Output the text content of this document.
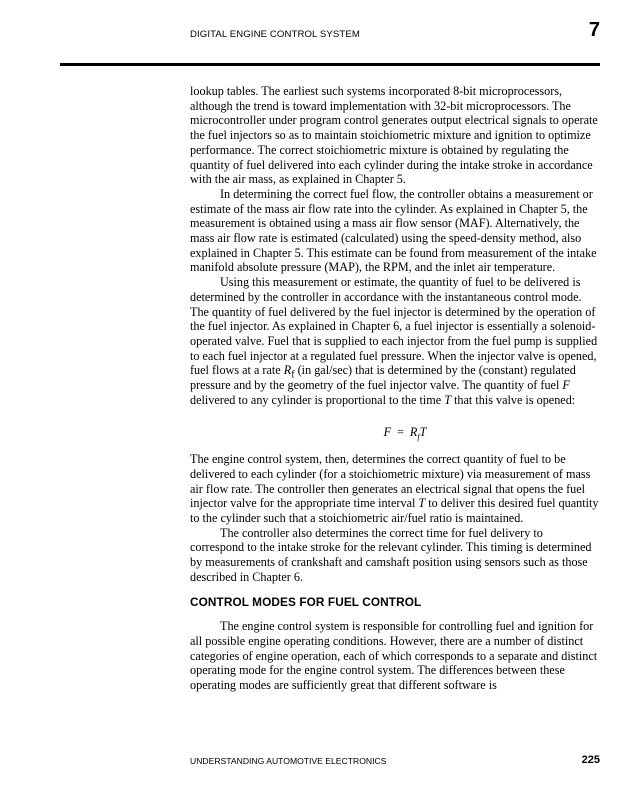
DIGITAL ENGINE CONTROL SYSTEM	7

lookup tables. The earliest such systems incorporated 8-bit microprocessors, although the trend is toward implementation with 32-bit microprocessors. The microcontroller under program control generates output electrical signals to operate the fuel injectors so as to maintain stoichiometric mixture and ignition to optimize performance. The correct stoichiometric mixture is obtained by regulating the quantity of fuel delivered into each cylinder during the intake stroke in accordance with the air mass, as explained in Chapter 5.

In determining the correct fuel flow, the controller obtains a measurement or estimate of the mass air flow rate into the cylinder. As explained in Chapter 5, the measurement is obtained using a mass air flow sensor (MAF). Alternatively, the mass air flow rate is estimated (calculated) using the speed-density method, also explained in Chapter 5. This estimate can be found from measurement of the intake manifold absolute pressure (MAP), the RPM, and the inlet air temperature.

Using this measurement or estimate, the quantity of fuel to be delivered is determined by the controller in accordance with the instantaneous control mode. The quantity of fuel delivered by the fuel injector is determined by the operation of the fuel injector. As explained in Chapter 6, a fuel injector is essentially a solenoid-operated valve. Fuel that is supplied to each injector from the fuel pump is supplied to each fuel injector at a regulated fuel pressure. When the injector valve is opened, fuel flows at a rate $R_f$ (in gal/sec) that is determined by the (constant) regulated pressure and by the geometry of the fuel injector valve. The quantity of fuel F delivered to any cylinder is proportional to the time T that this valve is opened:

$F = R_fT$

The engine control system, then, determines the correct quantity of fuel to be delivered to each cylinder (for a stoichiometric mixture) via measurement of mass air flow rate. The controller then generates an electrical signal that opens the fuel injector valve for the appropriate time interval T to deliver this desired fuel quantity to the cylinder such that a stoichiometric air/fuel ratio is maintained.

The controller also determines the correct time for fuel delivery to correspond to the intake stroke for the relevant cylinder. This timing is determined by measurements of crankshaft and camshaft position using sensors such as those described in Chapter 6.

CONTROL MODES FOR FUEL CONTROL

The engine control system is responsible for controlling fuel and ignition for all possible engine operating conditions. However, there are a number of distinct categories of engine operation, each of which corresponds to a separate and distinct operating mode for the engine control system. The differences between these operating modes are sufficiently great that different software is

UNDERSTANDING AUTOMOTIVE ELECTRONICS	225
